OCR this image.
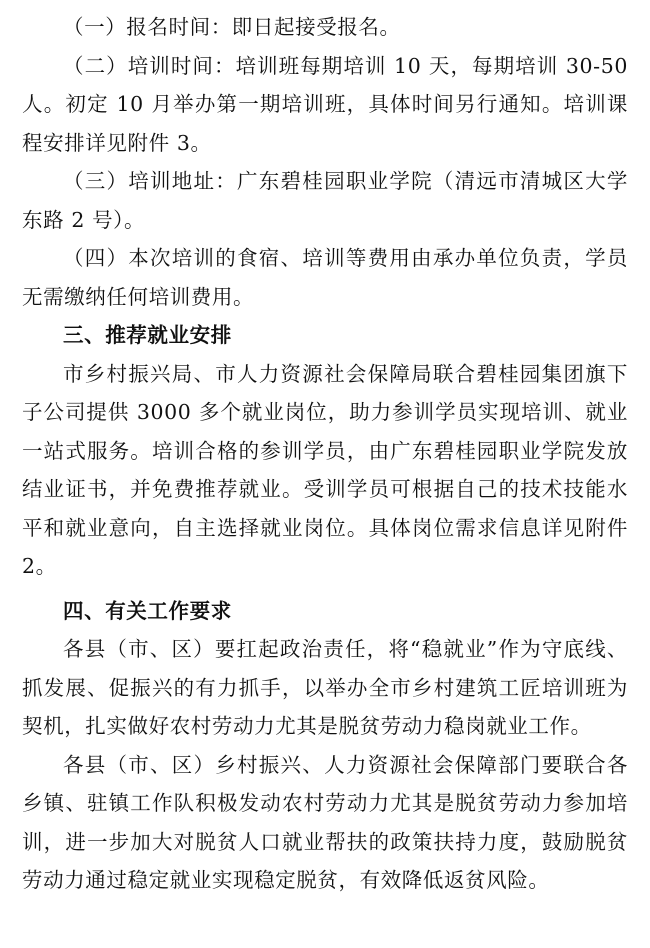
（一）报名时间：即日起接受报名。

（二）培训时间：培训班每期培训 10 天，每期培训 30-50 人。初定 10 月举办第一期培训班，具体时间另行通知。培训课程安排详见附件 3。

（三）培训地址：广东碧桂园职业学院（清远市清城区大学东路 2 号）。

（四）本次培训的食宿、培训等费用由承办单位负责，学员无需缴纳任何培训费用。

三、推荐就业安排

市乡村振兴局、市人力资源社会保障局联合碧桂园集团旗下子公司提供 3000 多个就业岗位，助力参训学员实现培训、就业一站式服务。培训合格的参训学员，由广东碧桂园职业学院发放结业证书，并免费推荐就业。受训学员可根据自己的技术技能水平和就业意向，自主选择就业岗位。具体岗位需求信息详见附件 2。

四、有关工作要求

各县（市、区）要扛起政治责任，将“稳就业”作为守底线、抓发展、促振兴的有力抓手，以举办全市乡村建筑工匠培训班为契机，扎实做好农村劳动力尤其是脱贫劳动力稳岗就业工作。

各县（市、区）乡村振兴、人力资源社会保障部门要联合各乡镇、驻镇工作队积极发动农村劳动力尤其是脱贫劳动力参加培训，进一步加大对脱贫人口就业帮扶的政策扶持力度，鼓励脱贫劳动力通过稳定就业实现稳定脱贫，有效降低返贫风险。
